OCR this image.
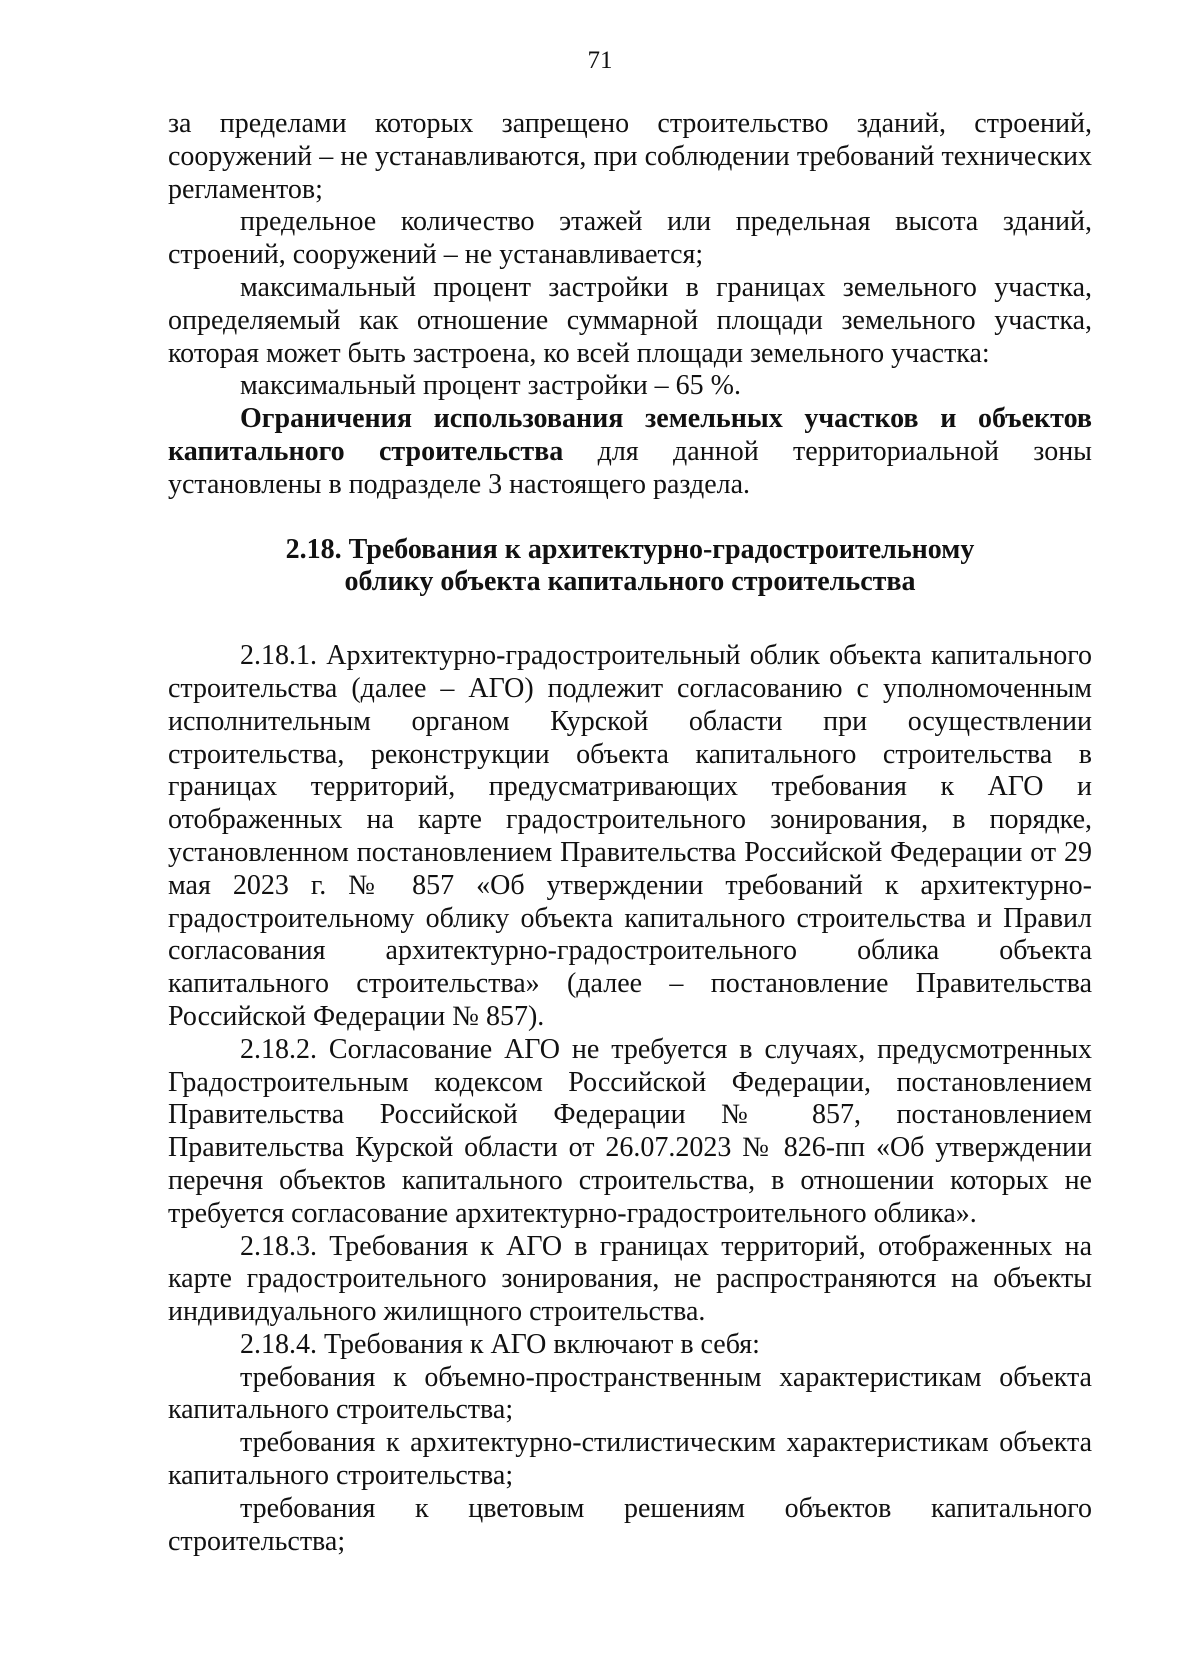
71

за пределами которых запрещено строительство зданий, строений, сооружений – не устанавливаются, при соблюдении требований технических регламентов;

предельное количество этажей или предельная высота зданий, строений, сооружений – не устанавливается;

максимальный процент застройки в границах земельного участка, определяемый как отношение суммарной площади земельного участка, которая может быть застроена, ко всей площади земельного участка:

максимальный процент застройки – 65 %.

Ограничения использования земельных участков и объектов капитального строительства для данной территориальной зоны установлены в подразделе 3 настоящего раздела.

2.18. Требования к архитектурно-градостроительному
облику объекта капитального строительства

2.18.1. Архитектурно-градостроительный облик объекта капитального строительства (далее – АГО) подлежит согласованию с уполномоченным исполнительным органом Курской области при осуществлении строительства, реконструкции объекта капитального строительства в границах территорий, предусматривающих требования к АГО и отображенных на карте градостроительного зонирования, в порядке, установленном постановлением Правительства Российской Федерации от 29 мая 2023 г. № 857 «Об утверждении требований к архитектурно-градостроительному облику объекта капитального строительства и Правил согласования архитектурно-градостроительного облика объекта капитального строительства» (далее – постановление Правительства Российской Федерации № 857).

2.18.2. Согласование АГО не требуется в случаях, предусмотренных Градостроительным кодексом Российской Федерации, постановлением Правительства Российской Федерации № 857, постановлением Правительства Курской области от 26.07.2023 № 826-пп «Об утверждении перечня объектов капитального строительства, в отношении которых не требуется согласование архитектурно-градостроительного облика».

2.18.3. Требования к АГО в границах территорий, отображенных на карте градостроительного зонирования, не распространяются на объекты индивидуального жилищного строительства.

2.18.4. Требования к АГО включают в себя:

требования к объемно-пространственным характеристикам объекта капитального строительства;

требования к архитектурно-стилистическим характеристикам объекта капитального строительства;

требования к цветовым решениям объектов капитального строительства;
